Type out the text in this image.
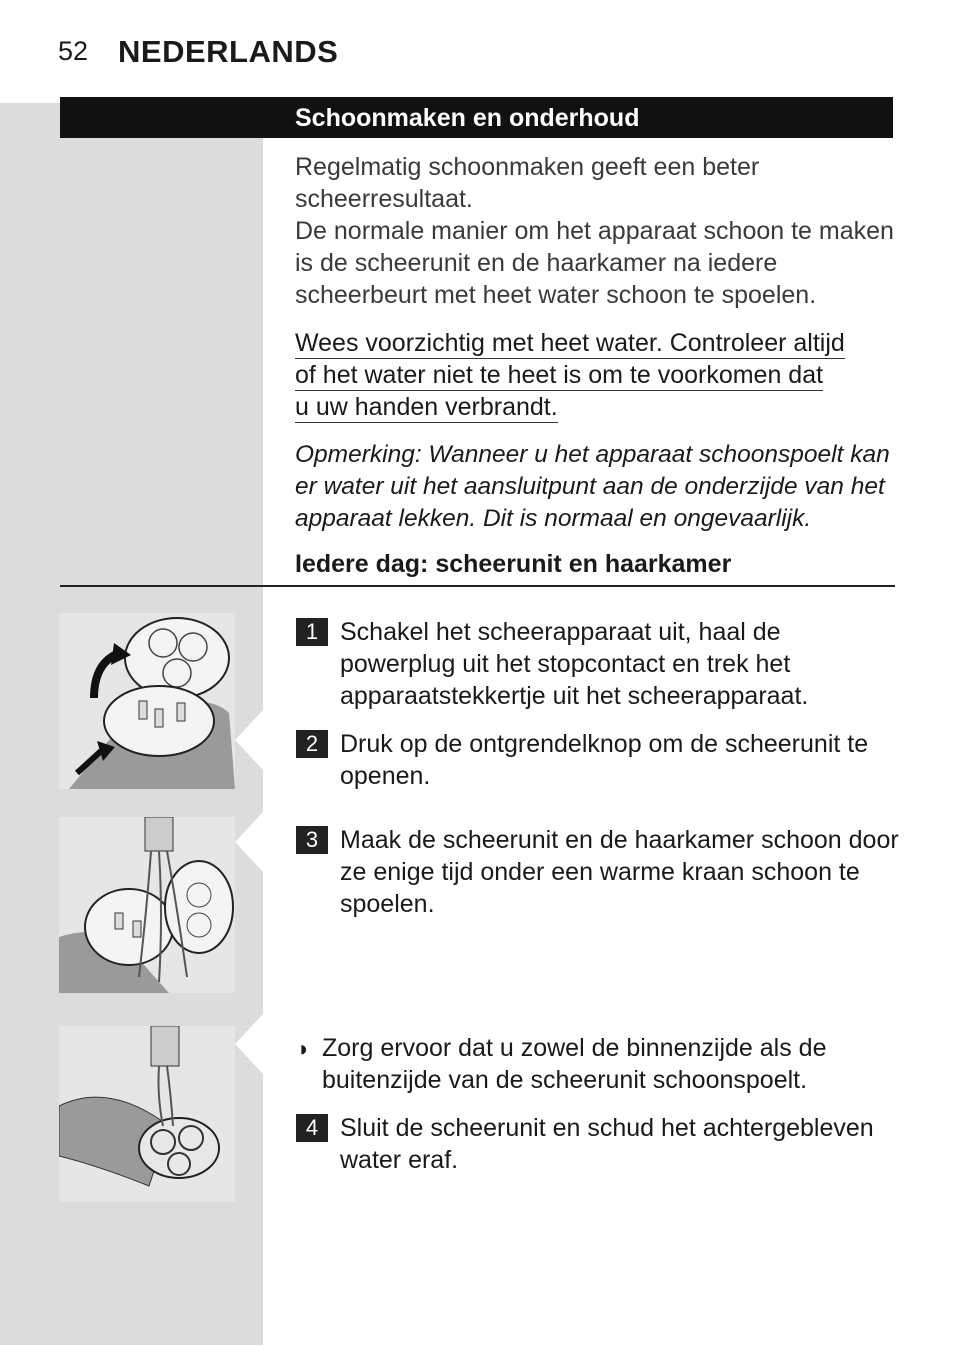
52 NEDERLANDS
Schoonmaken en onderhoud
Regelmatig schoonmaken geeft een beter scheerresultaat.
De normale manier om het apparaat schoon te maken is de scheerunit en de haarkamer na iedere scheerbeurt met heet water schoon te spoelen.
Wees voorzichtig met heet water. Controleer altijd
of het water niet te heet is om te voorkomen dat
u uw handen verbrandt.
Opmerking: Wanneer u het apparaat schoonspoelt kan er water uit het aansluitpunt aan de onderzijde van het apparaat lekken. Dit is normaal en ongevaarlijk.
Iedere dag: scheerunit en haarkamer
1 Schakel het scheerapparaat uit, haal de powerplug uit het stopcontact en trek het apparaatstekkertje uit het scheerapparaat.
2 Druk op de ontgrendelknop om de scheerunit te openen.
3 Maak de scheerunit en de haarkamer schoon door ze enige tijd onder een warme kraan schoon te spoelen.
◗ Zorg ervoor dat u zowel de binnenzijde als de buitenzijde van de scheerunit schoonspoelt.
4 Sluit de scheerunit en schud het achtergebleven water eraf.
